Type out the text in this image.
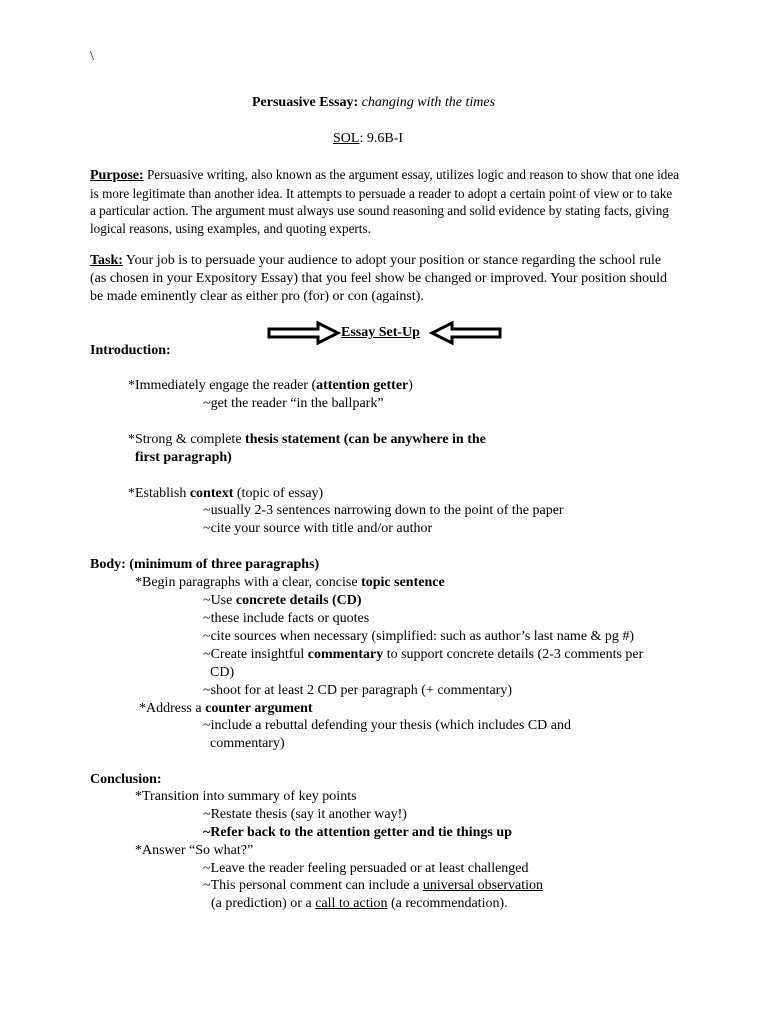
\
Persuasive Essay: changing with the times
SOL: 9.6B-I
Purpose: Persuasive writing, also known as the argument essay, utilizes logic and reason to show that one idea is more legitimate than another idea. It attempts to persuade a reader to adopt a certain point of view or to take a particular action. The argument must always use sound reasoning and solid evidence by stating facts, giving logical reasons, using examples, and quoting experts.
Task: Your job is to persuade your audience to adopt your position or stance regarding the school rule (as chosen in your Expository Essay) that you feel show be changed or improved. Your position should be made eminently clear as either pro (for) or con (against).
Essay Set-Up
Introduction:
*Immediately engage the reader (attention getter)
~get the reader “in the ballpark”
*Strong & complete thesis statement (can be anywhere in the
first paragraph)
*Establish context (topic of essay)
~usually 2-3 sentences narrowing down to the point of the paper
~cite your source with title and/or author
Body: (minimum of three paragraphs)
*Begin paragraphs with a clear, concise topic sentence
~Use concrete details (CD)
~these include facts or quotes
~cite sources when necessary (simplified: such as author’s last name & pg #)
~Create insightful commentary to support concrete details (2-3 comments per
CD)
~shoot for at least 2 CD per paragraph (+ commentary)
*Address a counter argument
~include a rebuttal defending your thesis (which includes CD and
commentary)
Conclusion:
*Transition into summary of key points
~Restate thesis (say it another way!)
~Refer back to the attention getter and tie things up
*Answer “So what?”
~Leave the reader feeling persuaded or at least challenged
~This personal comment can include a universal observation
(a prediction) or a call to action (a recommendation).
